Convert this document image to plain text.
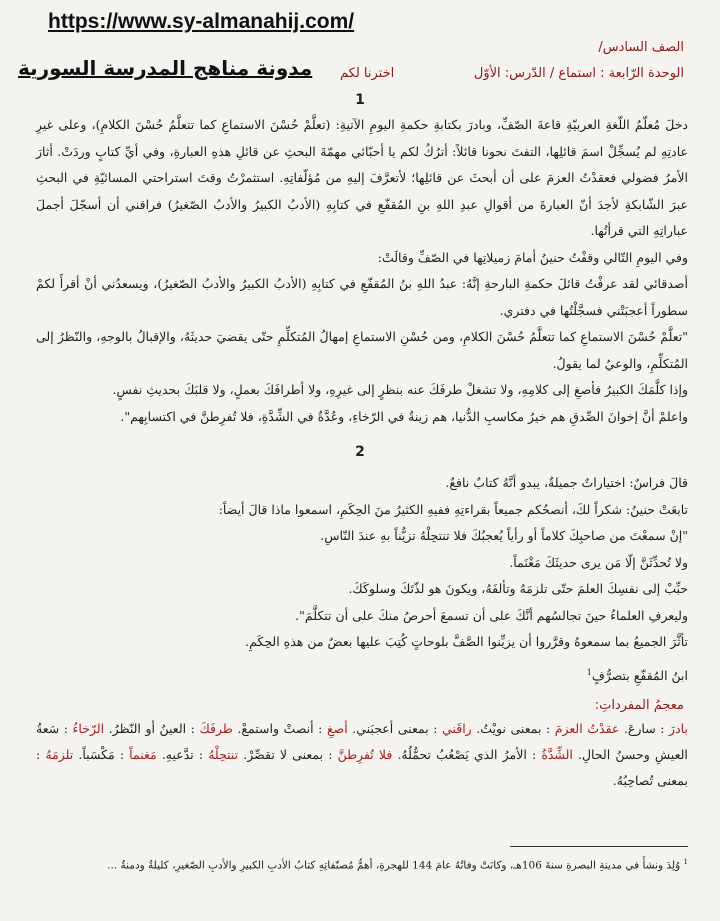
https://www.sy-almanahij.com/
مدونة مناهج المدرسة السورية
الصف السادس/
الوحدة الرّابعة : استماع / الدّرس: الأوّل
اخترنا لكم
1

دخلَ مُعلّمُ اللّغةِ العربيّةِ قاعةَ الصّفِّ، وبادرَ بكتابةِ حكمةِ اليومِ الآتيةِ: (تعلَّمْ حُسْنَ الاستماعِ كما تتعلَّمُ حُسْنَ الكلامِ)، وعلى غيرِ عادتِهِ لم يُسجِّلْ اسمَ قائلِها، التفتَ نحونا قائلاً: أترُكُ لكم يا أحبّائي مهمّةَ البحثِ عن قائلِ هذهِ العبارةِ، وفي أيِّ كتابٍ وردَتْ. أثارَ الأمرُ فضولي فعقدْتُ العزمَ على أن أبحثَ عن قائلِها؛ لأتعرَّفَ إليهِ من مُؤلّفاتِهِ. استثمرْتُ وقتَ استراحتي المسائيّةِ في البحثِ عبرَ الشّابكةِ لأجدَ أنّ العبارةَ من أقوالِ عبدِ اللهِ بنِ المُقفّعِ في كتابِهِ (الأدبُ الكبيرُ والأدبُ الصّغيرُ) فراقني أن أسجّلَ أجملَ عباراتِهِ التي قرأتُها.

وفي اليومِ التّالي وقفْتُ حنينُ أمامَ زميلاتِها في الصّفِّ وقالَتْ:

أصدقائي لقد عرفْتُ قائلَ حكمةِ البارحةِ إنَّهُ: عبدُ اللهِ بنُ المُقفّعِ في كتابِهِ (الأدبُ الكبيرُ والأدبُ الصّغيرُ)، ويسعدُني أنْ أقرأَ لكمْ سطوراً أعجبَتْني فسجَّلْتُها في دفتري.

"تعلَّمْ حُسْنَ الاستماعِ كما تتعلَّمُ حُسْنَ الكلامِ، ومن حُسْنِ الاستماعِ إمهالُ المُتكلِّمِ حتّى يقضيَ حديثَهُ، والإقبالُ بالوجهِ، والنّظرُ إلى المُتكلِّمِ، والوعيُ لما يقولُ.

وإذا كلَّمَكَ الكبيرُ فأصغِ إلى كلامِهِ، ولا تشغلْ طرفَكَ عنه بنظرٍ إلى غيرِهِ، ولا أطرافَكَ بعملٍ، ولا قلبَكَ بحديثِ نفسٍ.

واعلمْ أنَّ إخوانَ الصِّدقِ هم خيرُ مكاسبِ الدُّنيا، هم زينةٌ في الرّخاءِ، وعُدَّةٌ في الشِّدَّةِ، فلا تُفرِطنَّ في اكتسابِهم".

2

قالَ فراسٌ: اختياراتٌ جميلةٌ، يبدو أنَّهُ كتابٌ نافعٌ.

تابعَتْ حنينُ: شكراً لكَ، أنصحُكم جميعاً بقراءتِهِ ففيهِ الكثيرُ منَ الحِكَمِ، اسمعوا ماذا قالَ أيضاً:

"إنْ سمعْتَ من صاحبِكَ كلاماً أو رأياً يُعجبُكَ فلا تنتحِلْهُ تزيُّناً بهِ عندَ النّاسِ.

ولا تُحدِّثَنَّ إلّا مَن يرى حديثَكَ مَغْنَماً.

حبِّبْ إلى نفسِكَ العلمَ حتّى تلزمَهُ وتألفَهُ، ويكونَ هو لذّتَكَ وسلوكَكَ.

وليعرفِ العلماءُ حينَ تجالسُهم أنَّكَ على أن تسمعَ أحرصُ منكَ على أن تتكلَّمَ".

تأثَّرَ الجميعُ بما سمعوهُ وقرَّروا أن يزيِّنوا الصَّفَّ بلوحاتٍ كُتِبَ عليها بعضٌ من هذهِ الحِكَمِ.

ابنُ المُقفّعِ بتصرُّفٍ$^1$
معجمُ المفرداتِ:
بادرَ : سارعَ. عقدْتُ العزمَ : بمعنى نويْتُ. راقَني : بمعنى أعجبَني. أصغِ : أنصتْ واستمعْ. طرفَكَ : العينُ أو النّظرُ. الرّخاءُ : سَعةُ العيشِ وحسنُ الحالِ. الشِّدَّةُ : الأمرُ الذي يَصْعُبُ تحمُّلُهُ. فلا تُفرِطنَّ : بمعنى لا تقصِّرْ. تنتحِلْهُ : تدَّعيهِ. مَغنماً : مَكْسَباً. تلزمَهُ : بمعنى تُصاحِبُهُ.
$^1$ وُلِدَ ونشأَ في مدينةِ البصرةِ سنةَ 106هـ، وكانَتْ وفاتُهُ عامَ 144 للهجرةِ، أهمُّ مُصنّفاتِهِ كتابُ الأدبِ الكبيرِ والأدبِ الصّغيرِ، كليلةٌ ودمنةٌ ...
